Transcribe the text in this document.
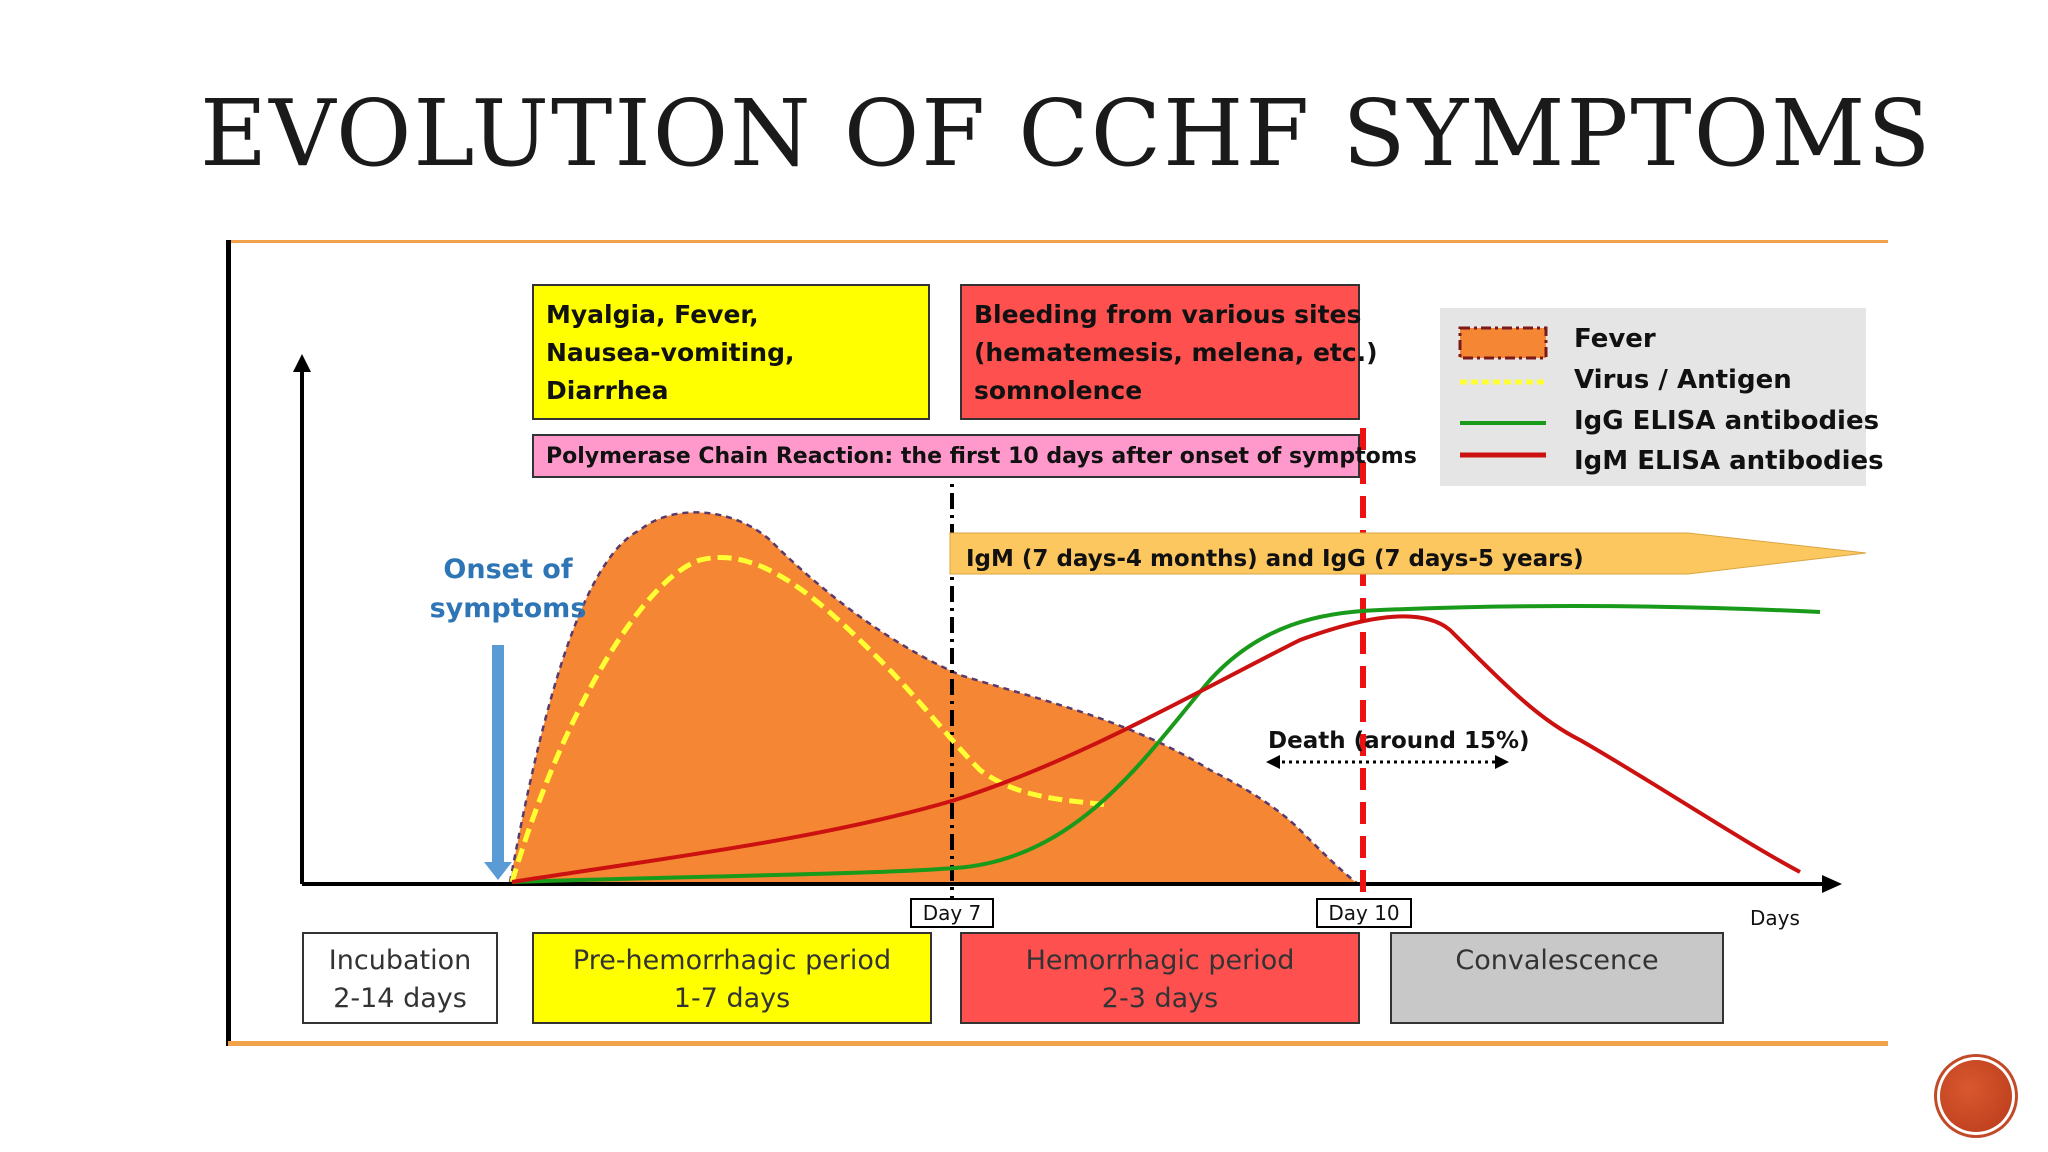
EVOLUTION OF CCHF SYMPTOMS
Myalgia, Fever,
Nausea-vomiting,
Diarrhea
Bleeding from various sites
(hematemesis, melena, etc.)
somnolence
Polymerase Chain Reaction: the first 10 days after onset of symptoms
Onset of
symptoms
IgM (7 days-4 months) and IgG (7 days-5 years)
Death (around 15%)
Fever
Virus / Antigen
IgG ELISA antibodies
IgM ELISA antibodies
Day 7	Day 10	Days
Incubation
2-14 days
Pre-hemorrhagic period
1-7 days
Hemorrhagic period
2-3 days
Convalescence
